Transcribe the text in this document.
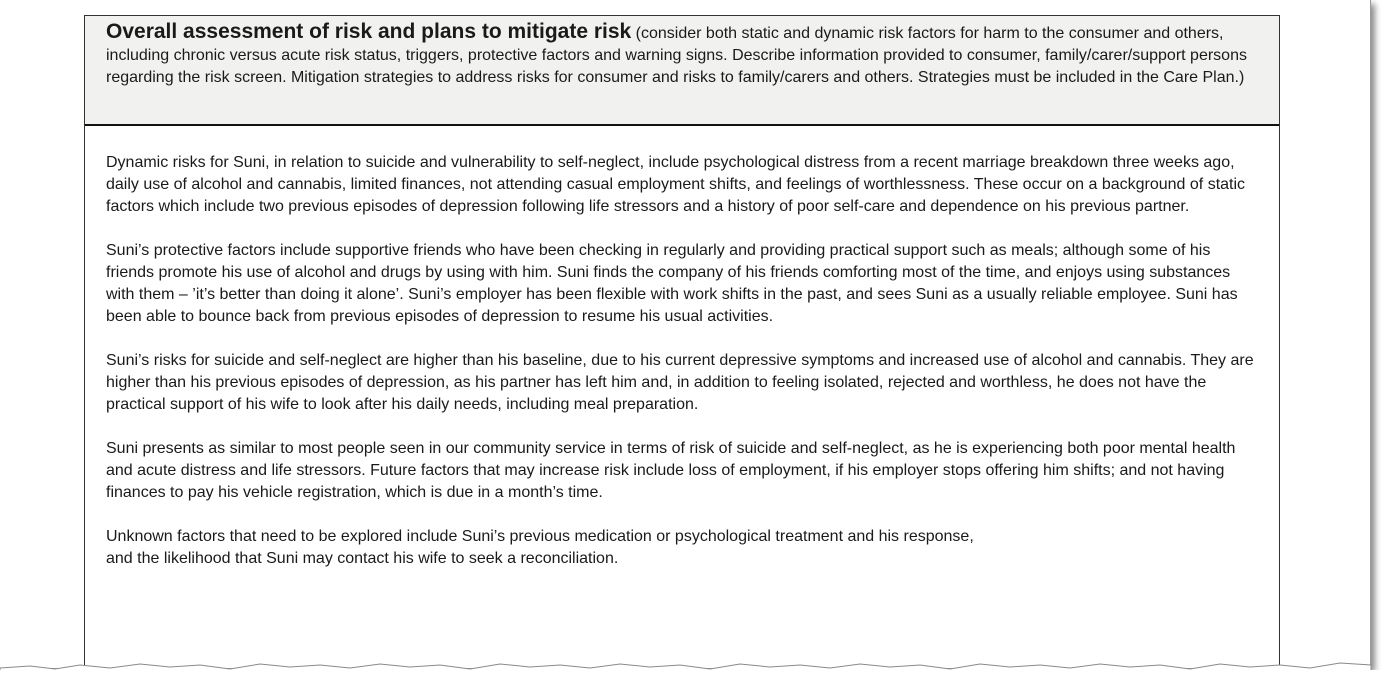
Overall assessment of risk and plans to mitigate risk (consider both static and dynamic risk factors for harm to the consumer and others, including chronic versus acute risk status, triggers, protective factors and warning signs. Describe information provided to consumer, family/carer/support persons regarding the risk screen. Mitigation strategies to address risks for consumer and risks to family/carers and others. Strategies must be included in the Care Plan.)

Dynamic risks for Suni, in relation to suicide and vulnerability to self-neglect, include psychological distress from a recent marriage breakdown three weeks ago, daily use of alcohol and cannabis, limited finances, not attending casual employment shifts, and feelings of worthlessness. These occur on a background of static factors which include two previous episodes of depression following life stressors and a history of poor self-care and dependence on his previous partner.

Suni’s protective factors include supportive friends who have been checking in regularly and providing practical support such as meals; although some of his friends promote his use of alcohol and drugs by using with him. Suni finds the company of his friends comforting most of the time, and enjoys using substances with them – ’it’s better than doing it alone’. Suni’s employer has been flexible with work shifts in the past, and sees Suni as a usually reliable employee. Suni has been able to bounce back from previous episodes of depression to resume his usual activities.

Suni’s risks for suicide and self-neglect are higher than his baseline, due to his current depressive symptoms and increased use of alcohol and cannabis. They are higher than his previous episodes of depression, as his partner has left him and, in addition to feeling isolated, rejected and worthless, he does not have the practical support of his wife to look after his daily needs, including meal preparation.

Suni presents as similar to most people seen in our community service in terms of risk of suicide and self-neglect, as he is experiencing both poor mental health and acute distress and life stressors. Future factors that may increase risk include loss of employment, if his employer stops offering him shifts; and not having finances to pay his vehicle registration, which is due in a month’s time.

Unknown factors that need to be explored include Suni’s previous medication or psychological treatment and his response,
and the likelihood that Suni may contact his wife to seek a reconciliation.
